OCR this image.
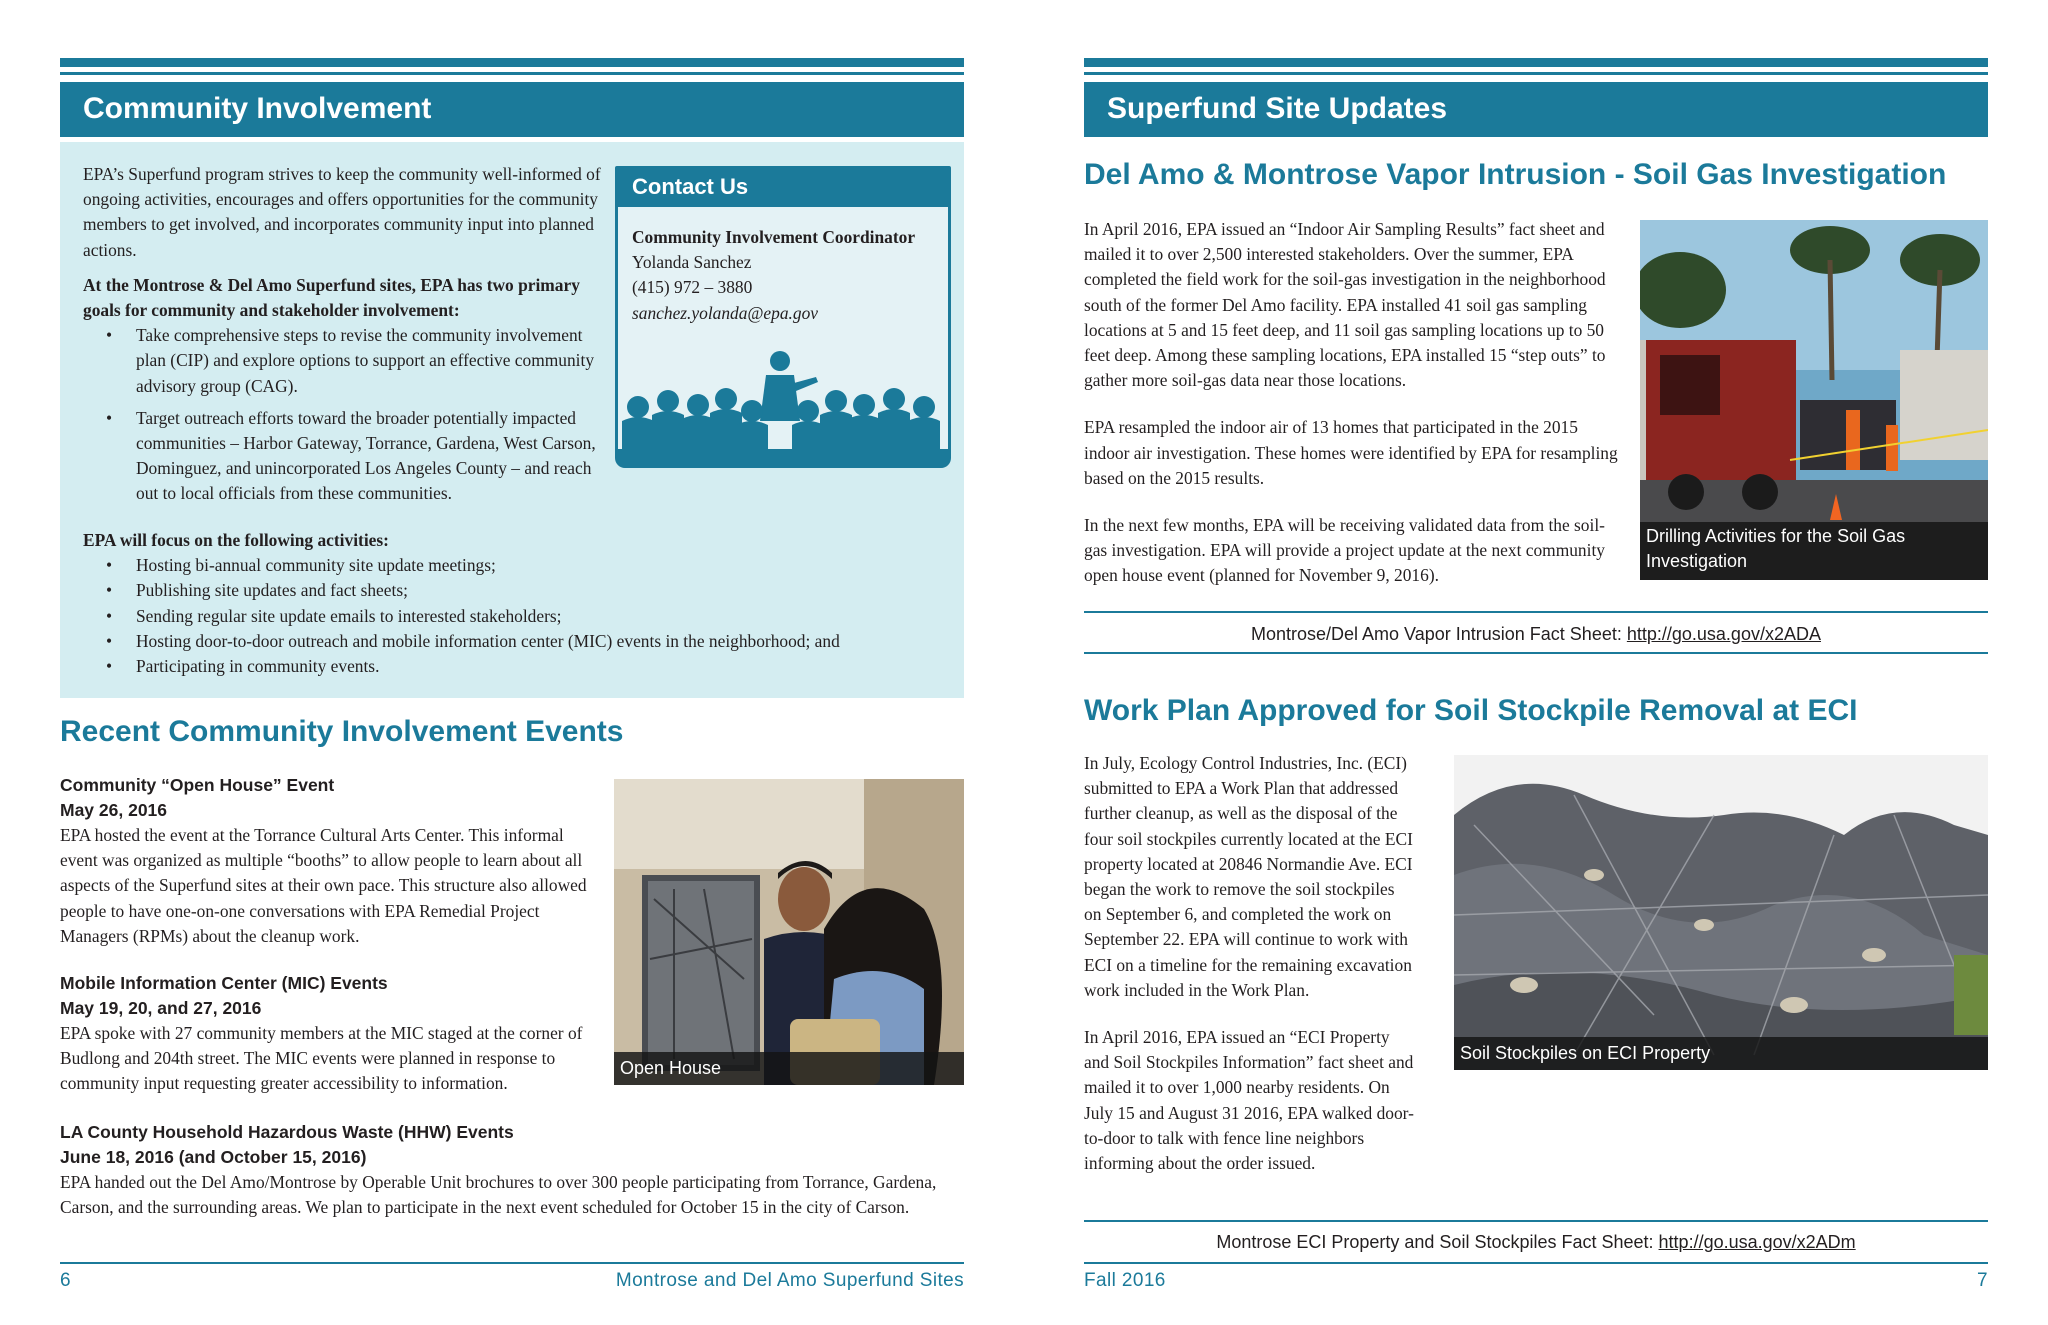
Community Involvement

EPA’s Superfund program strives to keep the community well-informed of ongoing activities, encourages and offers opportunities for the community members to get involved, and incorporates community input into planned actions.

At the Montrose & Del Amo Superfund sites, EPA has two primary goals for community and stakeholder involvement:

• Take comprehensive steps to revise the community involvement plan (CIP) and explore options to support an effective community advisory group (CAG).
• Target outreach efforts toward the broader potentially impacted communities – Harbor Gateway, Torrance, Gardena, West Carson, Dominguez, and unincorporated Los Angeles County – and reach out to local officials from these communities.
EPA will focus on the following activities:
• Hosting bi-annual community site update meetings;
• Publishing site updates and fact sheets;
• Sending regular site update emails to interested stakeholders;
• Hosting door-to-door outreach and mobile information center (MIC) events in the neighborhood; and
• Participating in community events.
Contact Us
Community Involvement Coordinator
Yolanda Sanchez
(415) 972 – 3880
sanchez.yolanda@epa.gov
Recent Community Involvement Events
Community “Open House” Event
May 26, 2016
EPA hosted the event at the Torrance Cultural Arts Center. This informal event was organized as multiple “booths” to allow people to learn about all aspects of the Superfund sites at their own pace. This structure also allowed people to have one-on-one conversations with EPA Remedial Project Managers (RPMs) about the cleanup work.
Mobile Information Center (MIC) Events
May 19, 20, and 27, 2016
EPA spoke with 27 community members at the MIC staged at the corner of Budlong and 204th street. The MIC events were planned in response to community input requesting greater accessibility to information.
LA County Household Hazardous Waste (HHW) Events
June 18, 2016 (and October 15, 2016)
EPA handed out the Del Amo/Montrose by Operable Unit brochures to over 300 people participating from Torrance, Gardena, Carson, and the surrounding areas. We plan to participate in the next event scheduled for October 15 in the city of Carson.
Open House
6	Montrose and Del Amo Superfund Sites
Superfund Site Updates
Del Amo & Montrose Vapor Intrusion - Soil Gas Investigation

In April 2016, EPA issued an “Indoor Air Sampling Results” fact sheet and mailed it to over 2,500 interested stakeholders. Over the summer, EPA completed the field work for the soil-gas investigation in the neighborhood south of the former Del Amo facility. EPA installed 41 soil gas sampling locations at 5 and 15 feet deep, and 11 soil gas sampling locations up to 50 feet deep. Among these sampling locations, EPA installed 15 “step outs” to gather more soil-gas data near those locations.

EPA resampled the indoor air of 13 homes that participated in the 2015 indoor air investigation. These homes were identified by EPA for resampling based on the 2015 results.

In the next few months, EPA will be receiving validated data from the soil-gas investigation. EPA will provide a project update at the next community open house event (planned for November 9, 2016).

Drilling Activities for the Soil Gas Investigation
Montrose/Del Amo Vapor Intrusion Fact Sheet: http://go.usa.gov/x2ADA
Work Plan Approved for Soil Stockpile Removal at ECI

In July, Ecology Control Industries, Inc. (ECI) submitted to EPA a Work Plan that addressed further cleanup, as well as the disposal of the four soil stockpiles currently located at the ECI property located at 20846 Normandie Ave. ECI began the work to remove the soil stockpiles on September 6, and completed the work on September 22. EPA will continue to work with ECI on a timeline for the remaining excavation work included in the Work Plan.

In April 2016, EPA issued an “ECI Property and Soil Stockpiles Information” fact sheet and mailed it to over 1,000 nearby residents. On July 15 and August 31 2016, EPA walked door-to-door to talk with fence line neighbors informing about the order issued.

Soil Stockpiles on ECI Property
Montrose ECI Property and Soil Stockpiles Fact Sheet: http://go.usa.gov/x2ADm
Fall 2016	7
